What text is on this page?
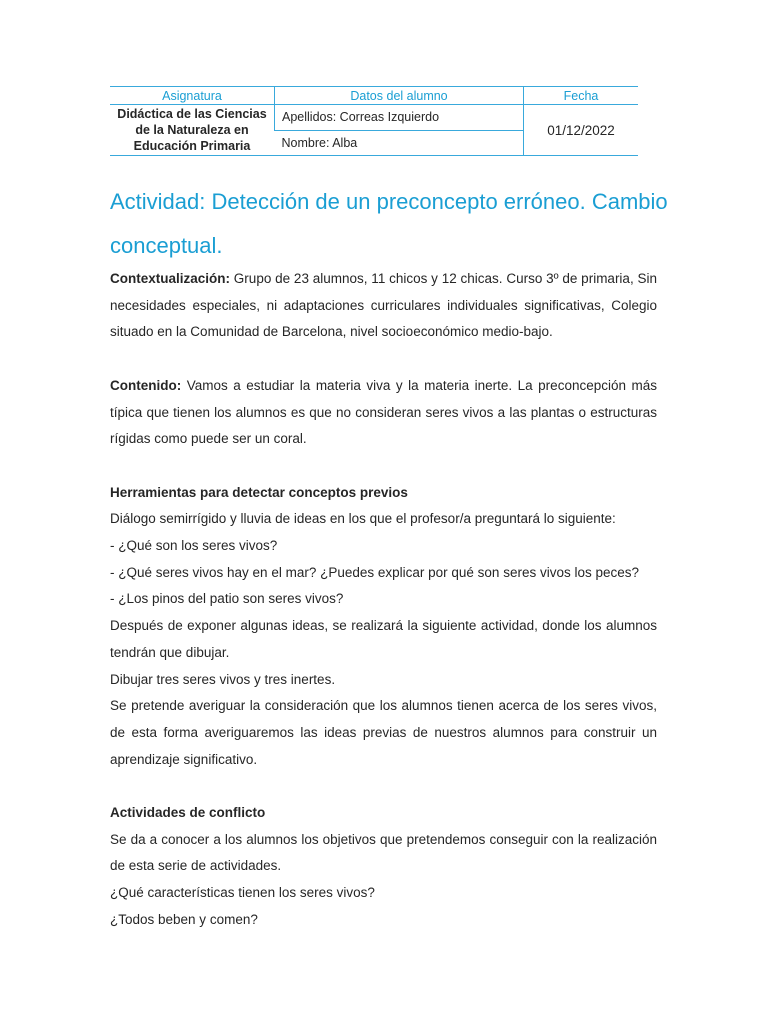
Asignatura	Datos del alumno	Fecha
Didáctica de las Ciencias de la Naturaleza en Educación Primaria	Apellidos: Correas Izquierdo	01/12/2022
	Nombre: Alba	
Actividad: Detección de un preconcepto erróneo. Cambio conceptual.

Contextualización: Grupo de 23 alumnos, 11 chicos y 12 chicas. Curso 3º de primaria, Sin necesidades especiales, ni adaptaciones curriculares individuales significativas, Colegio situado en la Comunidad de Barcelona, nivel socioeconómico medio-bajo.

Contenido: Vamos a estudiar la materia viva y la materia inerte. La preconcepción más típica que tienen los alumnos es que no consideran seres vivos a las plantas o estructuras rígidas como puede ser un coral.

Herramientas para detectar conceptos previos

Diálogo semirrígido y lluvia de ideas en los que el profesor/a preguntará lo siguiente:

- ¿Qué son los seres vivos?

- ¿Qué seres vivos hay en el mar? ¿Puedes explicar por qué son seres vivos los peces?

- ¿Los pinos del patio son seres vivos?

Después de exponer algunas ideas, se realizará la siguiente actividad, donde los alumnos tendrán que dibujar.

Dibujar tres seres vivos y tres inertes.

Se pretende averiguar la consideración que los alumnos tienen acerca de los seres vivos, de esta forma averiguaremos las ideas previas de nuestros alumnos para construir un aprendizaje significativo.

Actividades de conflicto

Se da a conocer a los alumnos los objetivos que pretendemos conseguir con la realización de esta serie de actividades.

¿Qué características tienen los seres vivos?

¿Todos beben y comen?
